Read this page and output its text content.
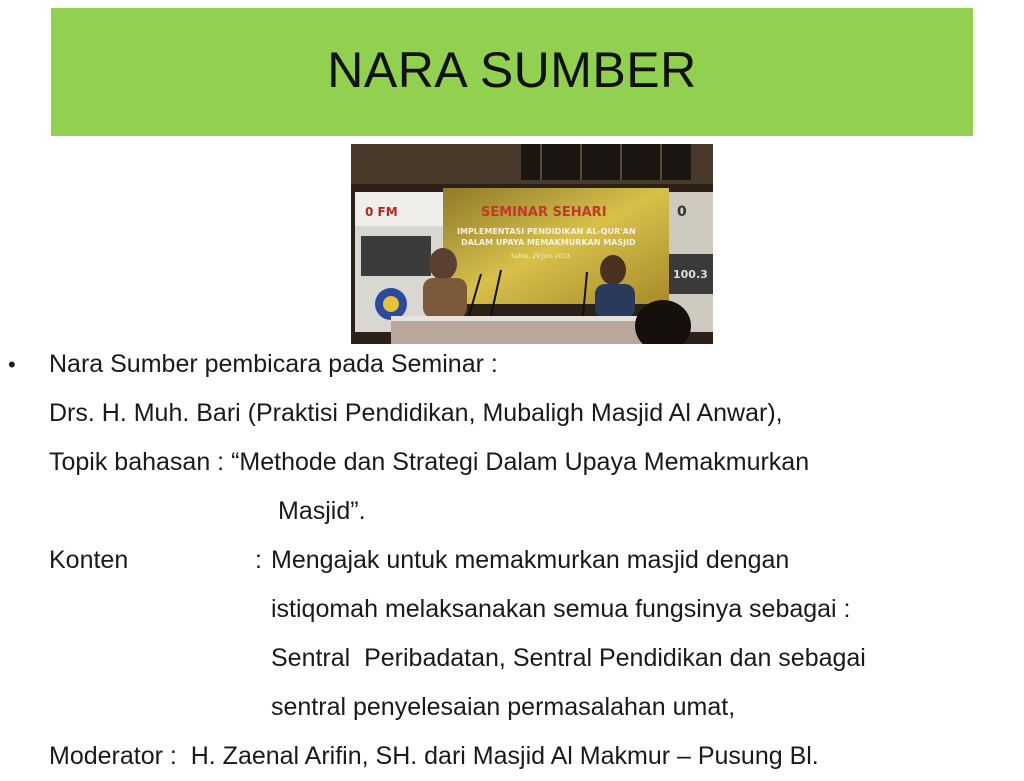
NARA SUMBER
0 FM	SEMINAR SEHARI
IMPLEMENTASI PENDIDIKAN AL-QUR'AN
DALAM UPAYA MEMAKMURKAN MASJID
Sabtu, 29 Juni 2013
0
100.3
• Nara Sumber pembicara pada Seminar :
Drs. H. Muh. Bari (Praktisi Pendidikan, Mubaligh Masjid Al Anwar),
Topik bahasan : “Methode dan Strategi Dalam Upaya Memakmurkan
Masjid”.
Konten	: Mengajak untuk memakmurkan masjid dengan
istiqomah melaksanakan semua fungsinya sebagai :
Sentral  Peribadatan, Sentral Pendidikan dan sebagai
sentral penyelesaian permasalahan umat,
Moderator :  H. Zaenal Arifin, SH. dari Masjid Al Makmur – Pusung Bl.
